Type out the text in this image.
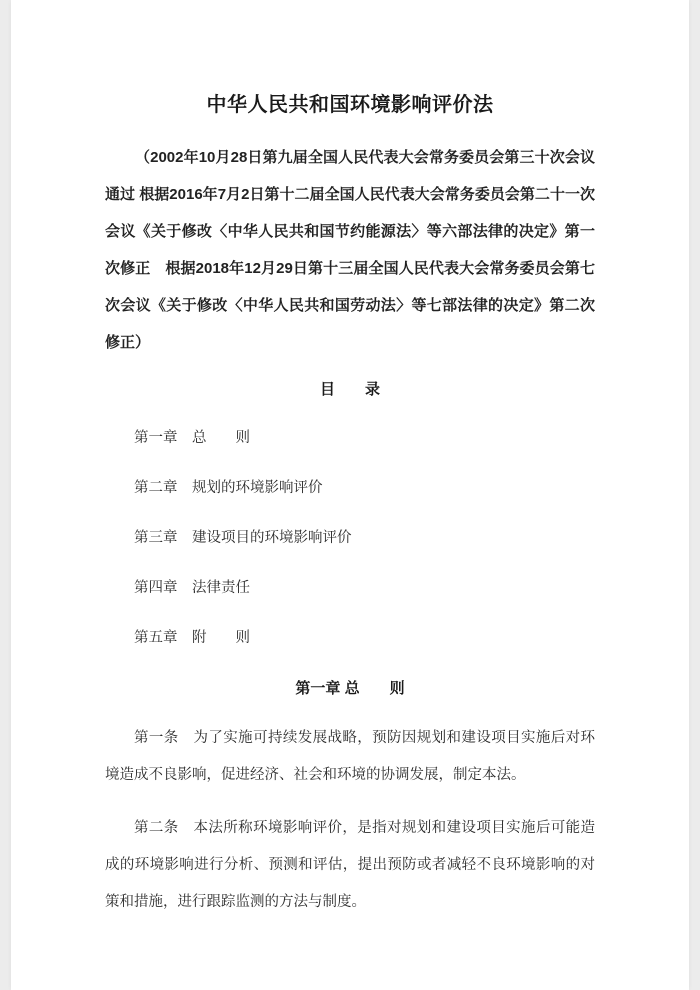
中华人民共和国环境影响评价法

（2002年10月28日第九届全国人民代表大会常务委员会第三十次会议通过 根据2016年7月2日第十二届全国人民代表大会常务委员会第二十一次会议《关于修改〈中华人民共和国节约能源法〉等六部法律的决定》第一次修正　根据2018年12月29日第十三届全国人民代表大会常务委员会第七次会议《关于修改〈中华人民共和国劳动法〉等七部法律的决定》第二次修正）

目　　录

第一章　总　　则

第二章　规划的环境影响评价

第三章　建设项目的环境影响评价

第四章　法律责任

第五章　附　　则

第一章 总　　则

第一条　为了实施可持续发展战略，预防因规划和建设项目实施后对环境造成不良影响，促进经济、社会和环境的协调发展，制定本法。

第二条　本法所称环境影响评价，是指对规划和建设项目实施后可能造成的环境影响进行分析、预测和评估，提出预防或者减轻不良环境影响的对策和措施，进行跟踪监测的方法与制度。
